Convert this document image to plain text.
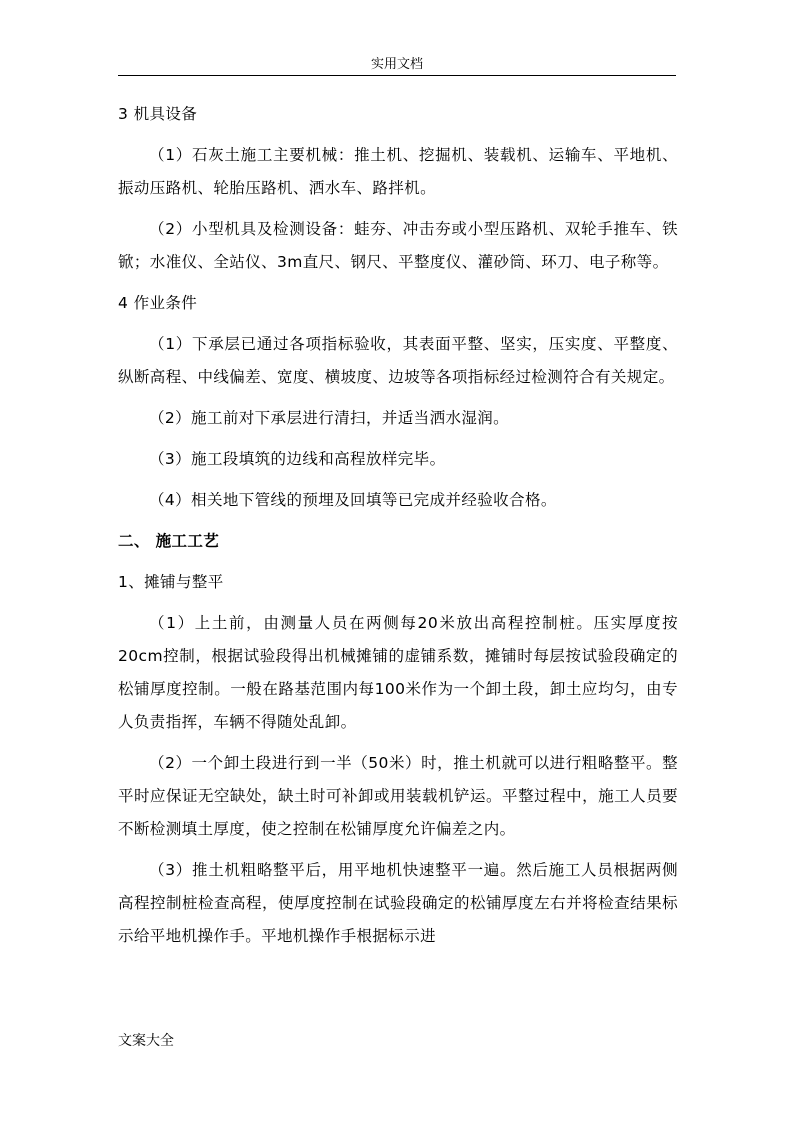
实用文档

3 机具设备

（1）石灰土施工主要机械：推土机、挖掘机、装载机、运输车、平地机、振动压路机、轮胎压路机、洒水车、路拌机。

（2）小型机具及检测设备：蛙夯、冲击夯或小型压路机、双轮手推车、铁锨；水准仪、全站仪、3m直尺、钢尺、平整度仪、灌砂筒、环刀、电子称等。

4 作业条件

（1）下承层已通过各项指标验收，其表面平整、坚实，压实度、平整度、纵断高程、中线偏差、宽度、横坡度、边坡等各项指标经过检测符合有关规定。

（2）施工前对下承层进行清扫，并适当洒水湿润。

（3）施工段填筑的边线和高程放样完毕。

（4）相关地下管线的预埋及回填等已完成并经验收合格。

二、 施工工艺

1、摊铺与整平

（1）上土前，由测量人员在两侧每20米放出高程控制桩。压实厚度按20cm控制，根据试验段得出机械摊铺的虚铺系数，摊铺时每层按试验段确定的松铺厚度控制。一般在路基范围内每100米作为一个卸土段，卸土应均匀，由专人负责指挥，车辆不得随处乱卸。

（2）一个卸土段进行到一半（50米）时，推土机就可以进行粗略整平。整平时应保证无空缺处，缺土时可补卸或用装载机铲运。平整过程中，施工人员要不断检测填土厚度，使之控制在松铺厚度允许偏差之内。

（3）推土机粗略整平后，用平地机快速整平一遍。然后施工人员根据两侧高程控制桩检查高程，使厚度控制在试验段确定的松铺厚度左右并将检查结果标示给平地机操作手。平地机操作手根据标示进

文案大全
